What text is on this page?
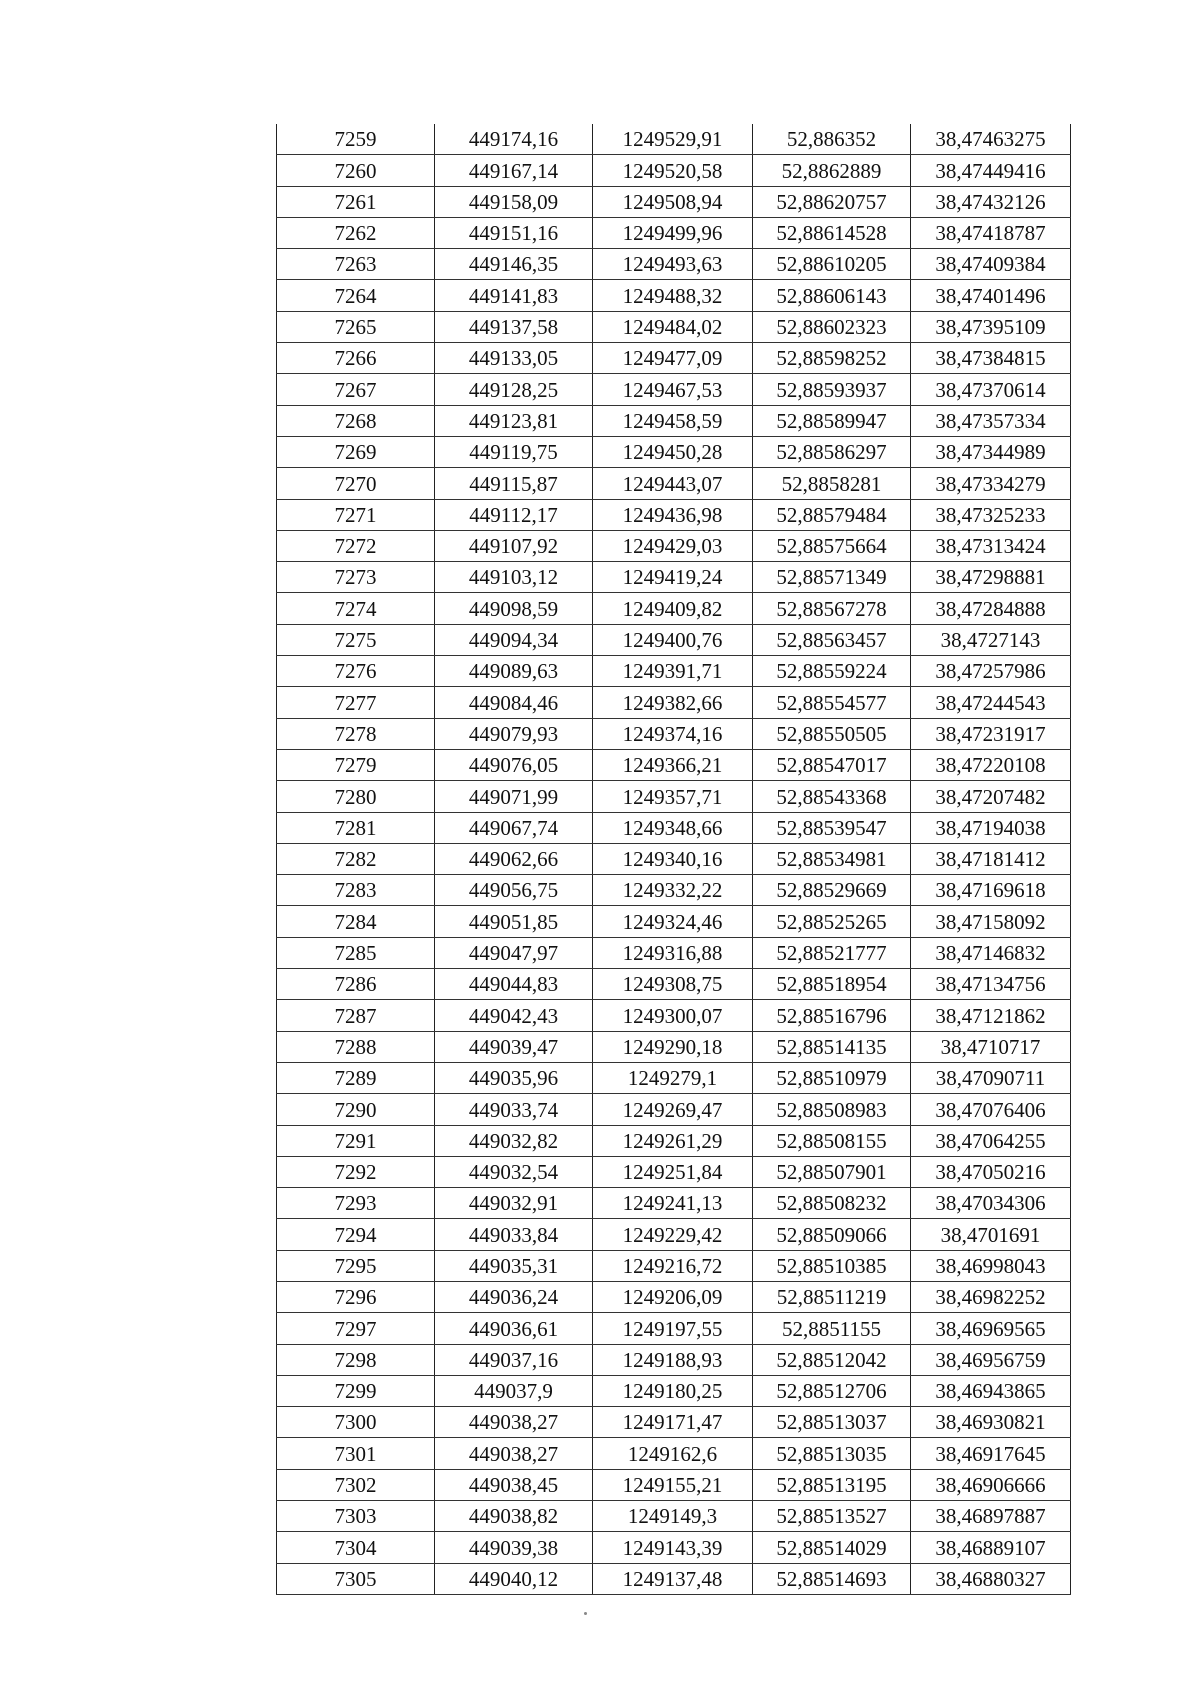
7259	449174,16	1249529,91	52,886352	38,47463275
7260	449167,14	1249520,58	52,8862889	38,47449416
7261	449158,09	1249508,94	52,88620757	38,47432126
7262	449151,16	1249499,96	52,88614528	38,47418787
7263	449146,35	1249493,63	52,88610205	38,47409384
7264	449141,83	1249488,32	52,88606143	38,47401496
7265	449137,58	1249484,02	52,88602323	38,47395109
7266	449133,05	1249477,09	52,88598252	38,47384815
7267	449128,25	1249467,53	52,88593937	38,47370614
7268	449123,81	1249458,59	52,88589947	38,47357334
7269	449119,75	1249450,28	52,88586297	38,47344989
7270	449115,87	1249443,07	52,8858281	38,47334279
7271	449112,17	1249436,98	52,88579484	38,47325233
7272	449107,92	1249429,03	52,88575664	38,47313424
7273	449103,12	1249419,24	52,88571349	38,47298881
7274	449098,59	1249409,82	52,88567278	38,47284888
7275	449094,34	1249400,76	52,88563457	38,4727143
7276	449089,63	1249391,71	52,88559224	38,47257986
7277	449084,46	1249382,66	52,88554577	38,47244543
7278	449079,93	1249374,16	52,88550505	38,47231917
7279	449076,05	1249366,21	52,88547017	38,47220108
7280	449071,99	1249357,71	52,88543368	38,47207482
7281	449067,74	1249348,66	52,88539547	38,47194038
7282	449062,66	1249340,16	52,88534981	38,47181412
7283	449056,75	1249332,22	52,88529669	38,47169618
7284	449051,85	1249324,46	52,88525265	38,47158092
7285	449047,97	1249316,88	52,88521777	38,47146832
7286	449044,83	1249308,75	52,88518954	38,47134756
7287	449042,43	1249300,07	52,88516796	38,47121862
7288	449039,47	1249290,18	52,88514135	38,4710717
7289	449035,96	1249279,1	52,88510979	38,47090711
7290	449033,74	1249269,47	52,88508983	38,47076406
7291	449032,82	1249261,29	52,88508155	38,47064255
7292	449032,54	1249251,84	52,88507901	38,47050216
7293	449032,91	1249241,13	52,88508232	38,47034306
7294	449033,84	1249229,42	52,88509066	38,4701691
7295	449035,31	1249216,72	52,88510385	38,46998043
7296	449036,24	1249206,09	52,88511219	38,46982252
7297	449036,61	1249197,55	52,8851155	38,46969565
7298	449037,16	1249188,93	52,88512042	38,46956759
7299	449037,9	1249180,25	52,88512706	38,46943865
7300	449038,27	1249171,47	52,88513037	38,46930821
7301	449038,27	1249162,6	52,88513035	38,46917645
7302	449038,45	1249155,21	52,88513195	38,46906666
7303	449038,82	1249149,3	52,88513527	38,46897887
7304	449039,38	1249143,39	52,88514029	38,46889107
7305	449040,12	1249137,48	52,88514693	38,46880327
